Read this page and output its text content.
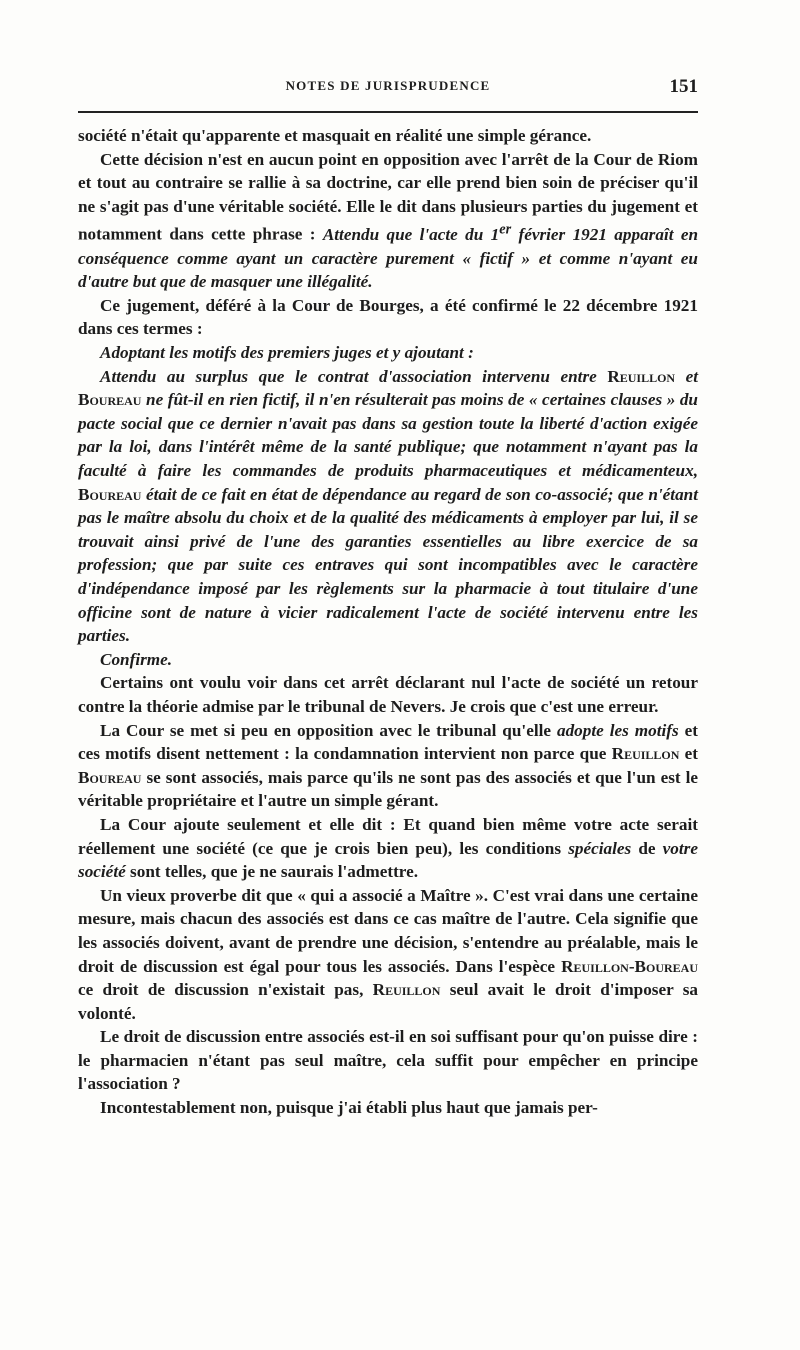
NOTES DE JURISPRUDENCE	151

société n'était qu'apparente et masquait en réalité une simple gérance.

Cette décision n'est en aucun point en opposition avec l'arrêt de la Cour de Riom et tout au contraire se rallie à sa doctrine, car elle prend bien soin de préciser qu'il ne s'agit pas d'une véritable société. Elle le dit dans plusieurs parties du jugement et notamment dans cette phrase : Attendu que l'acte du 1er février 1921 apparaît en conséquence comme ayant un caractère purement « fictif » et comme n'ayant eu d'autre but que de masquer une illégalité.

Ce jugement, déféré à la Cour de Bourges, a été confirmé le 22 décembre 1921 dans ces termes :

Adoptant les motifs des premiers juges et y ajoutant :

Attendu au surplus que le contrat d'association intervenu entre Reuillon et Boureau ne fût-il en rien fictif, il n'en résulterait pas moins de « certaines clauses » du pacte social que ce dernier n'avait pas dans sa gestion toute la liberté d'action exigée par la loi, dans l'intérêt même de la santé publique; que notamment n'ayant pas la faculté à faire les commandes de produits pharmaceutiques et médicamenteux, Boureau était de ce fait en état de dépendance au regard de son co-associé; que n'étant pas le maître absolu du choix et de la qualité des médicaments à employer par lui, il se trouvait ainsi privé de l'une des garanties essentielles au libre exercice de sa profession; que par suite ces entraves qui sont incompatibles avec le caractère d'indépendance imposé par les règlements sur la pharmacie à tout titulaire d'une officine sont de nature à vicier radicalement l'acte de société intervenu entre les parties.

Confirme.

Certains ont voulu voir dans cet arrêt déclarant nul l'acte de société un retour contre la théorie admise par le tribunal de Nevers. Je crois que c'est une erreur.

La Cour se met si peu en opposition avec le tribunal qu'elle adopte les motifs et ces motifs disent nettement : la condamnation intervient non parce que Reuillon et Boureau se sont associés, mais parce qu'ils ne sont pas des associés et que l'un est le véritable propriétaire et l'autre un simple gérant.

La Cour ajoute seulement et elle dit : Et quand bien même votre acte serait réellement une société (ce que je crois bien peu), les conditions spéciales de votre société sont telles, que je ne saurais l'admettre.

Un vieux proverbe dit que « qui a associé a Maître ». C'est vrai dans une certaine mesure, mais chacun des associés est dans ce cas maître de l'autre. Cela signifie que les associés doivent, avant de prendre une décision, s'entendre au préalable, mais le droit de discussion est égal pour tous les associés. Dans l'espèce Reuillon-Boureau ce droit de discussion n'existait pas, Reuillon seul avait le droit d'imposer sa volonté.

Le droit de discussion entre associés est-il en soi suffisant pour qu'on puisse dire : le pharmacien n'étant pas seul maître, cela suffit pour empêcher en principe l'association ?

Incontestablement non, puisque j'ai établi plus haut que jamais per-
